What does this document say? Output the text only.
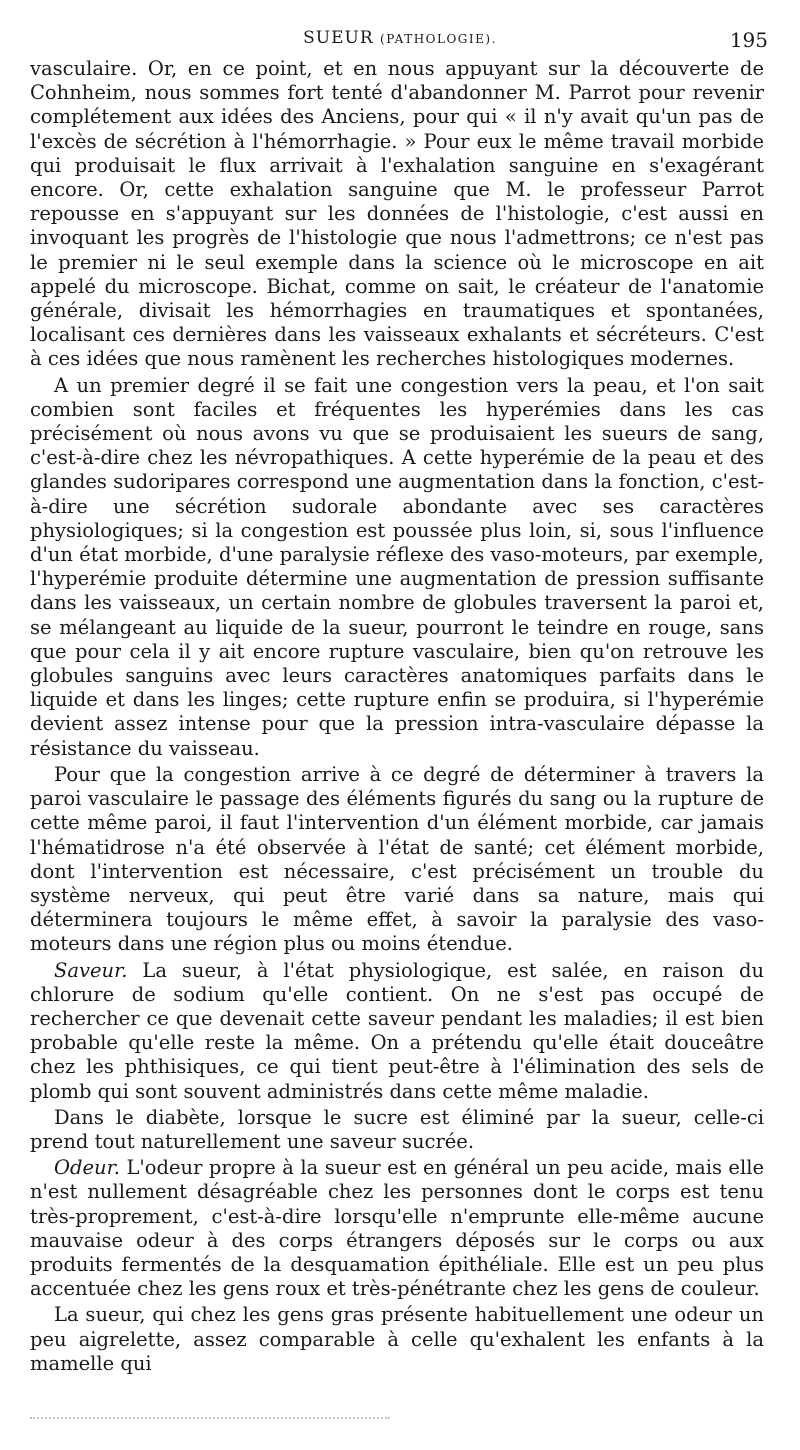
SUEUR (PATHOLOGIE).	195

vasculaire. Or, en ce point, et en nous appuyant sur la découverte de Cohnheim, nous sommes fort tenté d'abandonner M. Parrot pour revenir complétement aux idées des Anciens, pour qui « il n'y avait qu'un pas de l'excès de sécrétion à l'hémorrhagie. » Pour eux le même travail morbide qui produisait le flux arrivait à l'exhalation sanguine en s'exagérant encore. Or, cette exhalation sanguine que M. le professeur Parrot repousse en s'appuyant sur les données de l'histologie, c'est aussi en invoquant les progrès de l'histologie que nous l'admettrons; ce n'est pas le premier ni le seul exemple dans la science où le microscope en ait appelé du microscope. Bichat, comme on sait, le créateur de l'anatomie générale, divisait les hémorrhagies en traumatiques et spontanées, localisant ces dernières dans les vaisseaux exhalants et sécréteurs. C'est à ces idées que nous ramènent les recherches histologiques modernes.

A un premier degré il se fait une congestion vers la peau, et l'on sait combien sont faciles et fréquentes les hyperémies dans les cas précisément où nous avons vu que se produisaient les sueurs de sang, c'est-à-dire chez les névropathiques. A cette hyperémie de la peau et des glandes sudoripares correspond une augmentation dans la fonction, c'est-à-dire une sécrétion sudorale abondante avec ses caractères physiologiques; si la congestion est poussée plus loin, si, sous l'influence d'un état morbide, d'une paralysie réflexe des vaso-moteurs, par exemple, l'hyperémie produite détermine une augmentation de pression suffisante dans les vaisseaux, un certain nombre de globules traversent la paroi et, se mélangeant au liquide de la sueur, pourront le teindre en rouge, sans que pour cela il y ait encore rupture vasculaire, bien qu'on retrouve les globules sanguins avec leurs caractères anatomiques parfaits dans le liquide et dans les linges; cette rupture enfin se produira, si l'hyperémie devient assez intense pour que la pression intra-vasculaire dépasse la résistance du vaisseau.

Pour que la congestion arrive à ce degré de déterminer à travers la paroi vasculaire le passage des éléments figurés du sang ou la rupture de cette même paroi, il faut l'intervention d'un élément morbide, car jamais l'hématidrose n'a été observée à l'état de santé; cet élément morbide, dont l'intervention est nécessaire, c'est précisément un trouble du système nerveux, qui peut être varié dans sa nature, mais qui déterminera toujours le même effet, à savoir la paralysie des vaso-moteurs dans une région plus ou moins étendue.

Saveur. La sueur, à l'état physiologique, est salée, en raison du chlorure de sodium qu'elle contient. On ne s'est pas occupé de rechercher ce que devenait cette saveur pendant les maladies; il est bien probable qu'elle reste la même. On a prétendu qu'elle était douceâtre chez les phthisiques, ce qui tient peut-être à l'élimination des sels de plomb qui sont souvent administrés dans cette même maladie.

Dans le diabète, lorsque le sucre est éliminé par la sueur, celle-ci prend tout naturellement une saveur sucrée.

Odeur. L'odeur propre à la sueur est en général un peu acide, mais elle n'est nullement désagréable chez les personnes dont le corps est tenu très-proprement, c'est-à-dire lorsqu'elle n'emprunte elle-même aucune mauvaise odeur à des corps étrangers déposés sur le corps ou aux produits fermentés de la desquamation épithéliale. Elle est un peu plus accentuée chez les gens roux et très-pénétrante chez les gens de couleur.

La sueur, qui chez les gens gras présente habituellement une odeur un peu aigrelette, assez comparable à celle qu'exhalent les enfants à la mamelle qui
